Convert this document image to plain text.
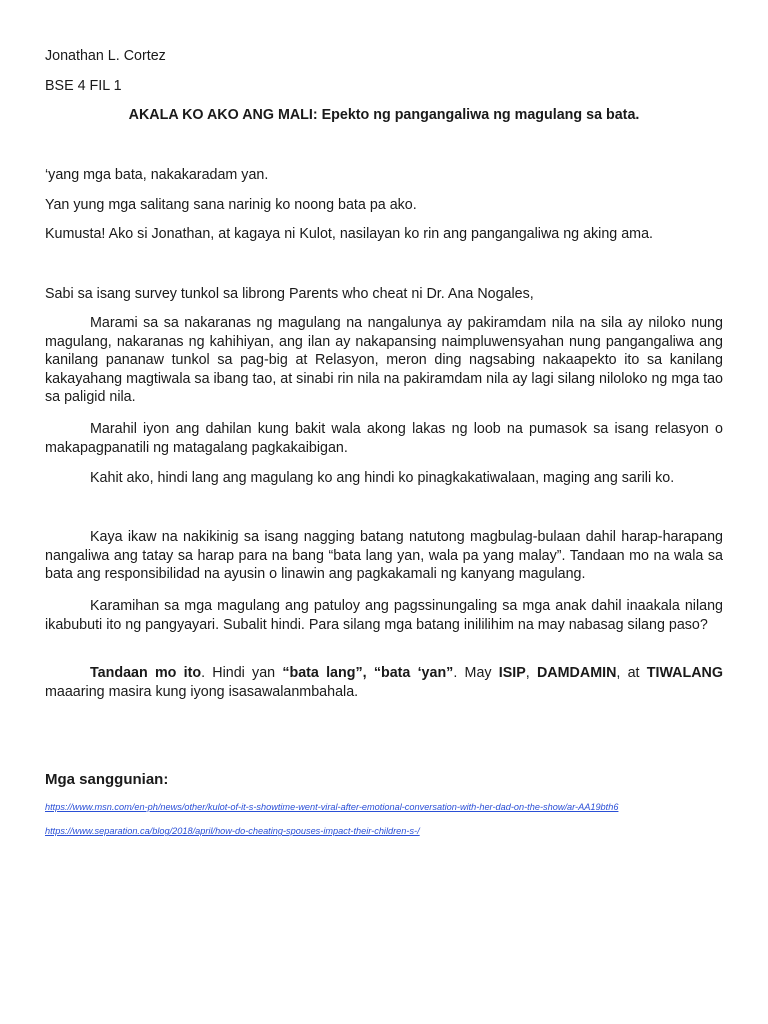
Jonathan L. Cortez
BSE 4 FIL 1
AKALA KO AKO ANG MALI: Epekto ng pangangaliwa ng magulang sa bata.
‘yang mga bata, nakakaradam yan.
Yan yung mga salitang sana narinig ko noong bata pa ako.
Kumusta! Ako si Jonathan, at kagaya ni Kulot, nasilayan ko rin ang pangangaliwa ng aking ama.
Sabi sa isang survey tunkol sa librong Parents who cheat ni Dr. Ana Nogales,
Marami sa sa nakaranas ng magulang na nangalunya ay pakiramdam nila na sila ay niloko nung magulang, nakaranas ng kahihiyan, ang ilan ay nakapansing naimpluwensyahan nung pangangaliwa ang kanilang pananaw tunkol sa pag-big at Relasyon, meron ding nagsabing nakaapekto ito sa kanilang kakayahang magtiwala sa ibang tao, at sinabi rin nila na pakiramdam nila ay lagi silang niloloko ng mga tao sa paligid nila.
Marahil iyon ang dahilan kung bakit wala akong lakas ng loob na pumasok sa isang relasyon o makapagpanatili ng matagalang pagkakaibigan.
Kahit ako, hindi lang ang magulang ko ang hindi ko pinagkakatiwalaan, maging ang sarili ko.
Kaya ikaw na nakikinig sa isang nagging batang natutong magbulag-bulaan dahil harap-harapang nangaliwa ang tatay sa harap para na bang “bata lang yan, wala pa yang malay”. Tandaan mo na wala sa bata ang responsibilidad na ayusin o linawin ang pagkakamali ng kanyang magulang.
Karamihan sa mga magulang ang patuloy ang pagssinungaling sa mga anak dahil inaakala nilang ikabubuti ito ng pangyayari. Subalit hindi. Para silang mga batang inililihim na may nabasag silang paso?
Tandaan mo ito. Hindi yan “bata lang”, “bata ‘yan”. May ISIP, DAMDAMIN, at TIWALANG maaaring masira kung iyong isasawalanmbahala.
Mga sanggunian:
https://www.msn.com/en-ph/news/other/kulot-of-it-s-showtime-went-viral-after-emotional-conversation-with-her-dad-on-the-show/ar-AA19bth6
https://www.separation.ca/blog/2018/april/how-do-cheating-spouses-impact-their-children-s-/
